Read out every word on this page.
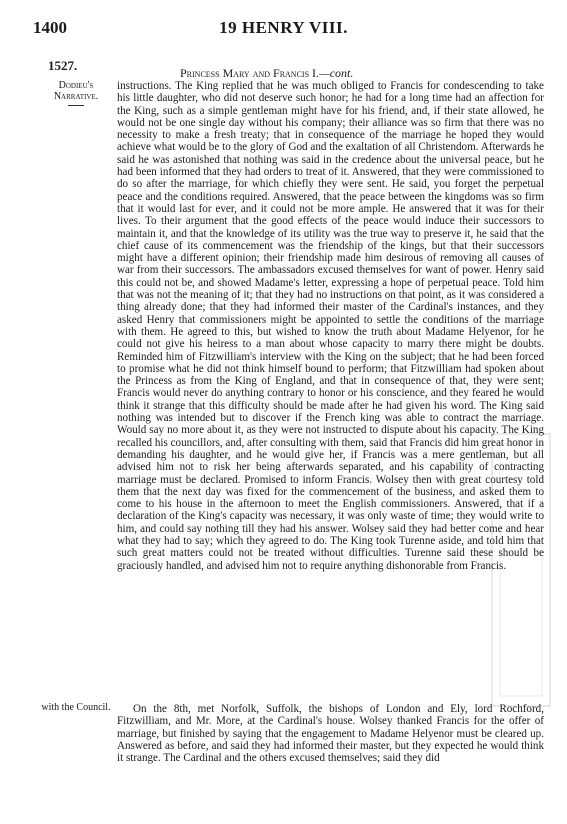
1400	19 HENRY VIII.
1527.	Princess Mary and Francis I.—cont.
Dodieu's Narrative.
with the Council.
instructions. The King replied that he was much obliged to Francis for condescending to take his little daughter, who did not deserve such honor; he had for a long time had an affection for the King, such as a simple gentleman might have for his friend, and, if their state allowed, he would not be one single day without his company; their alliance was so firm that there was no necessity to make a fresh treaty; that in consequence of the marriage he hoped they would achieve what would be to the glory of God and the exaltation of all Christendom. Afterwards he said he was astonished that nothing was said in the credence about the universal peace, but he had been informed that they had orders to treat of it. Answered, that they were commissioned to do so after the marriage, for which chiefly they were sent. He said, you forget the perpetual peace and the conditions required. Answered, that the peace between the kingdoms was so firm that it would last for ever, and it could not be more ample. He answered that it was for their lives. To their argument that the good effects of the peace would induce their successors to maintain it, and that the knowledge of its utility was the true way to preserve it, he said that the chief cause of its commencement was the friendship of the kings, but that their successors might have a different opinion; their friendship made him desirous of removing all causes of war from their successors. The ambassadors excused themselves for want of power. Henry said this could not be, and showed Madame's letter, expressing a hope of perpetual peace. Told him that was not the meaning of it; that they had no instructions on that point, as it was considered a thing already done; that they had informed their master of the Cardinal's instances, and they asked Henry that commissioners might be appointed to settle the conditions of the marriage with them. He agreed to this, but wished to know the truth about Madame Helyenor, for he could not give his heiress to a man about whose capacity to marry there might be doubts. Reminded him of Fitzwilliam's interview with the King on the subject; that he had been forced to promise what he did not think himself bound to perform; that Fitzwilliam had spoken about the Princess as from the King of England, and that in consequence of that, they were sent; Francis would never do anything contrary to honor or his conscience, and they feared he would think it strange that this difficulty should be made after he had given his word. The King said nothing was intended but to discover if the French king was able to contract the marriage. Would say no more about it, as they were not instructed to dispute about his capacity. The King recalled his councillors, and, after consulting with them, said that Francis did him great honor in demanding his daughter, and he would give her, if Francis was a mere gentleman, but all advised him not to risk her being afterwards separated, and his capability of contracting marriage must be declared. Promised to inform Francis. Wolsey then with great courtesy told them that the next day was fixed for the commencement of the business, and asked them to come to his house in the afternoon to meet the English commissioners. Answered, that if a declaration of the King's capacity was necessary, it was only waste of time; they would write to him, and could say nothing till they had his answer. Wolsey said they had better come and hear what they had to say; which they agreed to do. The King took Turenne aside, and told him that such great matters could not be treated without difficulties. Turenne said these should be graciously handled, and advised him not to require anything dishonorable from Francis.
On the 8th, met Norfolk, Suffolk, the bishops of London and Ely, lord Rochford, Fitzwilliam, and Mr. More, at the Cardinal's house. Wolsey thanked Francis for the offer of marriage, but finished by saying that the engagement to Madame Helyenor must be cleared up. Answered as before, and said they had informed their master, but they expected he would think it strange. The Cardinal and the others excused themselves; said they did
